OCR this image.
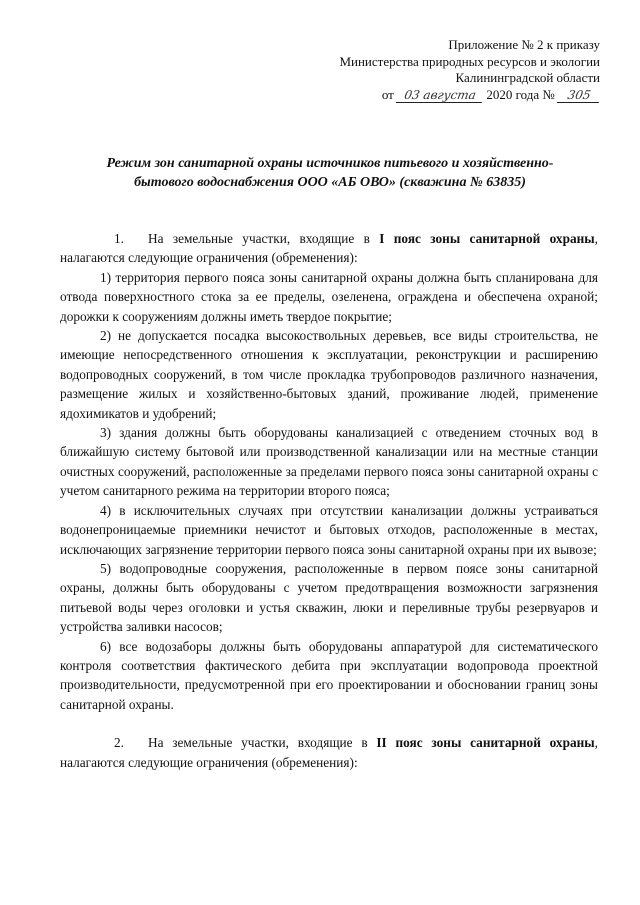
Приложение № 2 к приказу
Министерства природных ресурсов и экологии
Калининградской области
от 03 августа 2020 года № 305
Режим зон санитарной охраны источников питьевого и хозяйственно-
бытового водоснабжения ООО «АБ ОВО» (скважина № 63835)

1. На земельные участки, входящие в I пояс зоны санитарной охраны, налагаются следующие ограничения (обременения):

1) территория первого пояса зоны санитарной охраны должна быть спланирована для отвода поверхностного стока за ее пределы, озеленена, ограждена и обеспечена охраной; дорожки к сооружениям должны иметь твердое покрытие;

2) не допускается посадка высокоствольных деревьев, все виды строительства, не имеющие непосредственного отношения к эксплуатации, реконструкции и расширению водопроводных сооружений, в том числе прокладка трубопроводов различного назначения, размещение жилых и хозяйственно-бытовых зданий, проживание людей, применение ядохимикатов и удобрений;

3) здания должны быть оборудованы канализацией с отведением сточных вод в ближайшую систему бытовой или производственной канализации или на местные станции очистных сооружений, расположенные за пределами первого пояса зоны санитарной охраны с учетом санитарного режима на территории второго пояса;

4) в исключительных случаях при отсутствии канализации должны устраиваться водонепроницаемые приемники нечистот и бытовых отходов, расположенные в местах, исключающих загрязнение территории первого пояса зоны санитарной охраны при их вывозе;

5) водопроводные сооружения, расположенные в первом поясе зоны санитарной охраны, должны быть оборудованы с учетом предотвращения возможности загрязнения питьевой воды через оголовки и устья скважин, люки и переливные трубы резервуаров и устройства заливки насосов;

6) все водозаборы должны быть оборудованы аппаратурой для систематического контроля соответствия фактического дебита при эксплуатации водопровода проектной производительности, предусмотренной при его проектировании и обосновании границ зоны санитарной охраны.

2. На земельные участки, входящие в II пояс зоны санитарной охраны, налагаются следующие ограничения (обременения):
